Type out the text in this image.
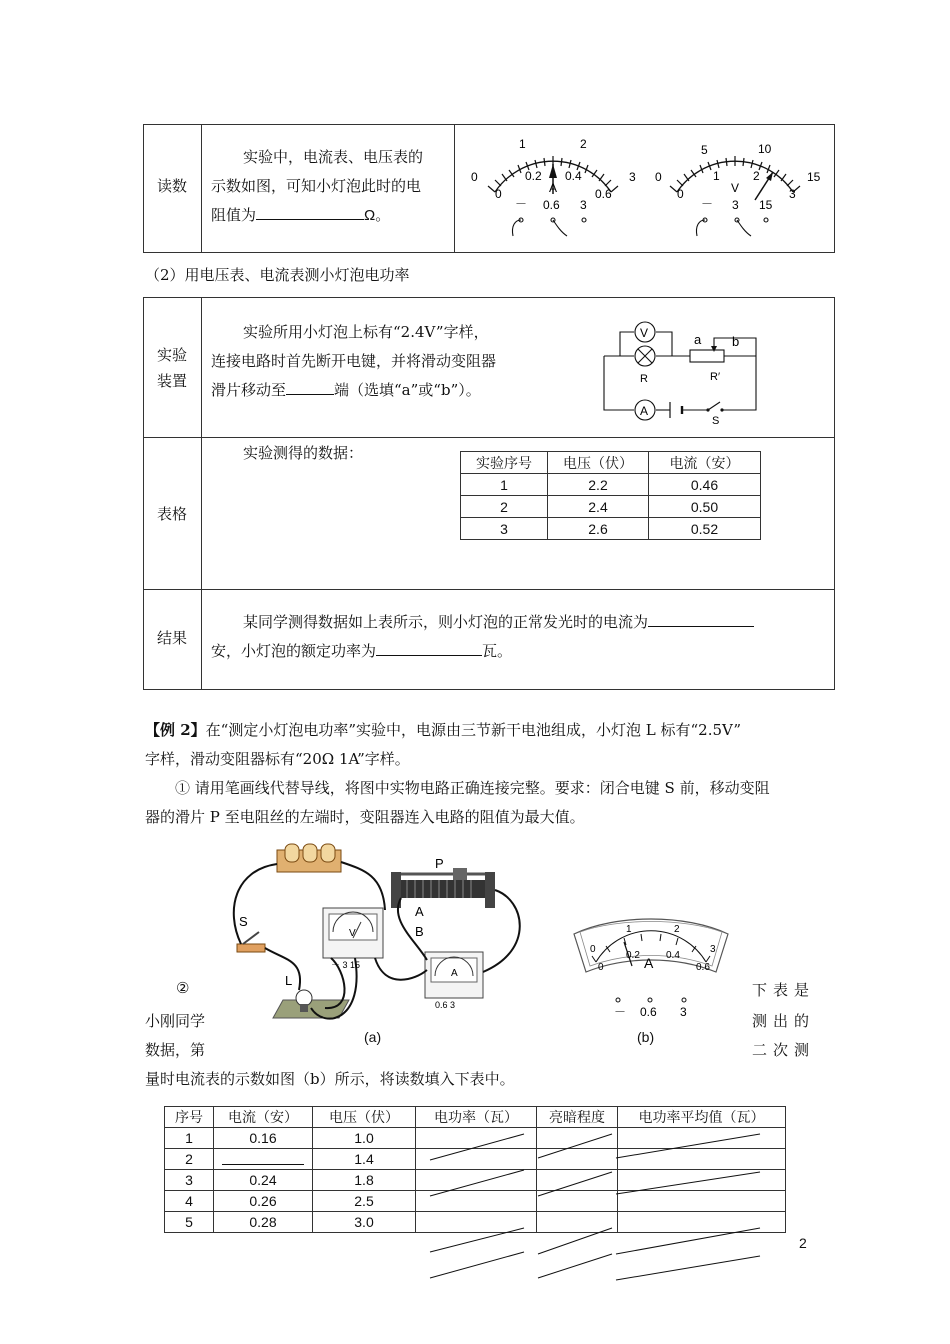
读数
实验中，电流表、电压表的
示数如图，可知小灯泡此时的电
阻值为	Ω。
0
1	2
3
0
0.2 0.4
0.6
A
－ 0.6 3
0
5	10
15
0
1	2
3
V
－ 3 15
（2）用电压表、电流表测小灯泡电功率
实验
装置
实验所用小灯泡上标有“2.4V”字样，
连接电路时首先断开电键，并将滑动变阻器
滑片移动至	端（选填“a”或“b”）。
V
A
R	R′
S
a b
表格
实验测得的数据：
实验序号	电压（伏）	电流（安）
1	2.2	0.46
2	2.4	0.50
3	2.6	0.52
结果
某同学测得数据如上表所示，则小灯泡的正常发光时的电流为
安，小灯泡的额定功率为	瓦。
【例 2】在“测定小灯泡电功率”实验中，电源由三节新干电池组成，小灯泡 L 标有“2.5V”
字样，滑动变阻器标有“20Ω 1A”字样。
① 请用笔画线代替导线，将图中实物电路正确连接完整。要求：闭合电键 S 前，移动变阻
器的滑片 P 至电阻丝的左端时，变阻器连入电路的阻值为最大值。
P
A
B
S
L
V
A
－ 3 15
0.6 3
(a)
0
1	2
3
0
0.2	0.4
0.6
A
－ 0.6 3
(b)
②
小刚同学
数据，第
下表是
测出的
二次测
量时电流表的示数如图（b）所示，将读数填入下表中。
序号	电流（安）	电压（伏）	电功率（瓦）	亮暗程度	电功率平均值（瓦）
1	0.16	1.0			
2		1.4			
3	0.24	1.8			
4	0.26	2.5			
5	0.28	3.0			
2
